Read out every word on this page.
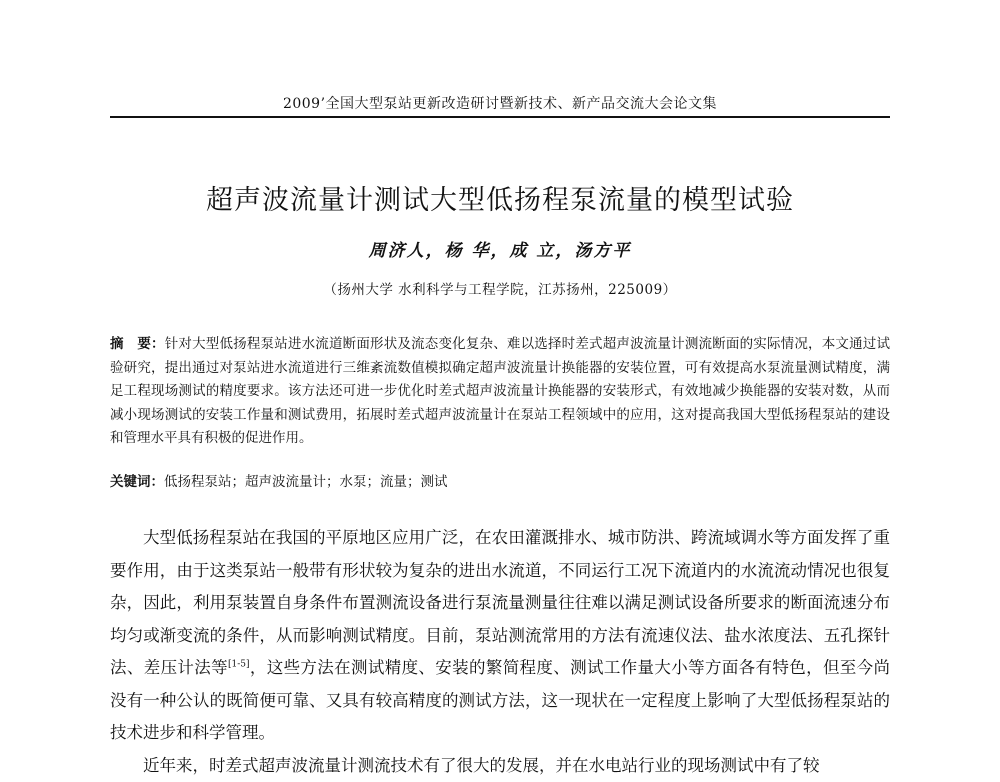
2009’全国大型泵站更新改造研讨暨新技术、新产品交流大会论文集
超声波流量计测试大型低扬程泵流量的模型试验
周济人，杨 华，成 立，汤方平
（扬州大学 水利科学与工程学院，江苏扬州，225009）
摘　要：针对大型低扬程泵站进水流道断面形状及流态变化复杂、难以选择时差式超声波流量计测流断面的实际情况，本文通过试验研究，提出通过对泵站进水流道进行三维紊流数值模拟确定超声波流量计换能器的安装位置，可有效提高水泵流量测试精度，满足工程现场测试的精度要求。该方法还可进一步优化时差式超声波流量计换能器的安装形式，有效地减少换能器的安装对数，从而减小现场测试的安装工作量和测试费用，拓展时差式超声波流量计在泵站工程领域中的应用，这对提高我国大型低扬程泵站的建设和管理水平具有积极的促进作用。
关键词：低扬程泵站；超声波流量计；水泵；流量；测试

大型低扬程泵站在我国的平原地区应用广泛，在农田灌溉排水、城市防洪、跨流域调水等方面发挥了重要作用，由于这类泵站一般带有形状较为复杂的进出水流道，不同运行工况下流道内的水流流动情况也很复杂，因此，利用泵装置自身条件布置测流设备进行泵流量测量往往难以满足测试设备所要求的断面流速分布均匀或渐变流的条件，从而影响测试精度。目前，泵站测流常用的方法有流速仪法、盐水浓度法、五孔探针法、差压计法等[1-5]，这些方法在测试精度、安装的繁简程度、测试工作量大小等方面各有特色，但至今尚没有一种公认的既简便可靠、又具有较高精度的测试方法，这一现状在一定程度上影响了大型低扬程泵站的技术进步和科学管理。

近年来，时差式超声波流量计测流技术有了很大的发展，并在水电站行业的现场测试中有了较
